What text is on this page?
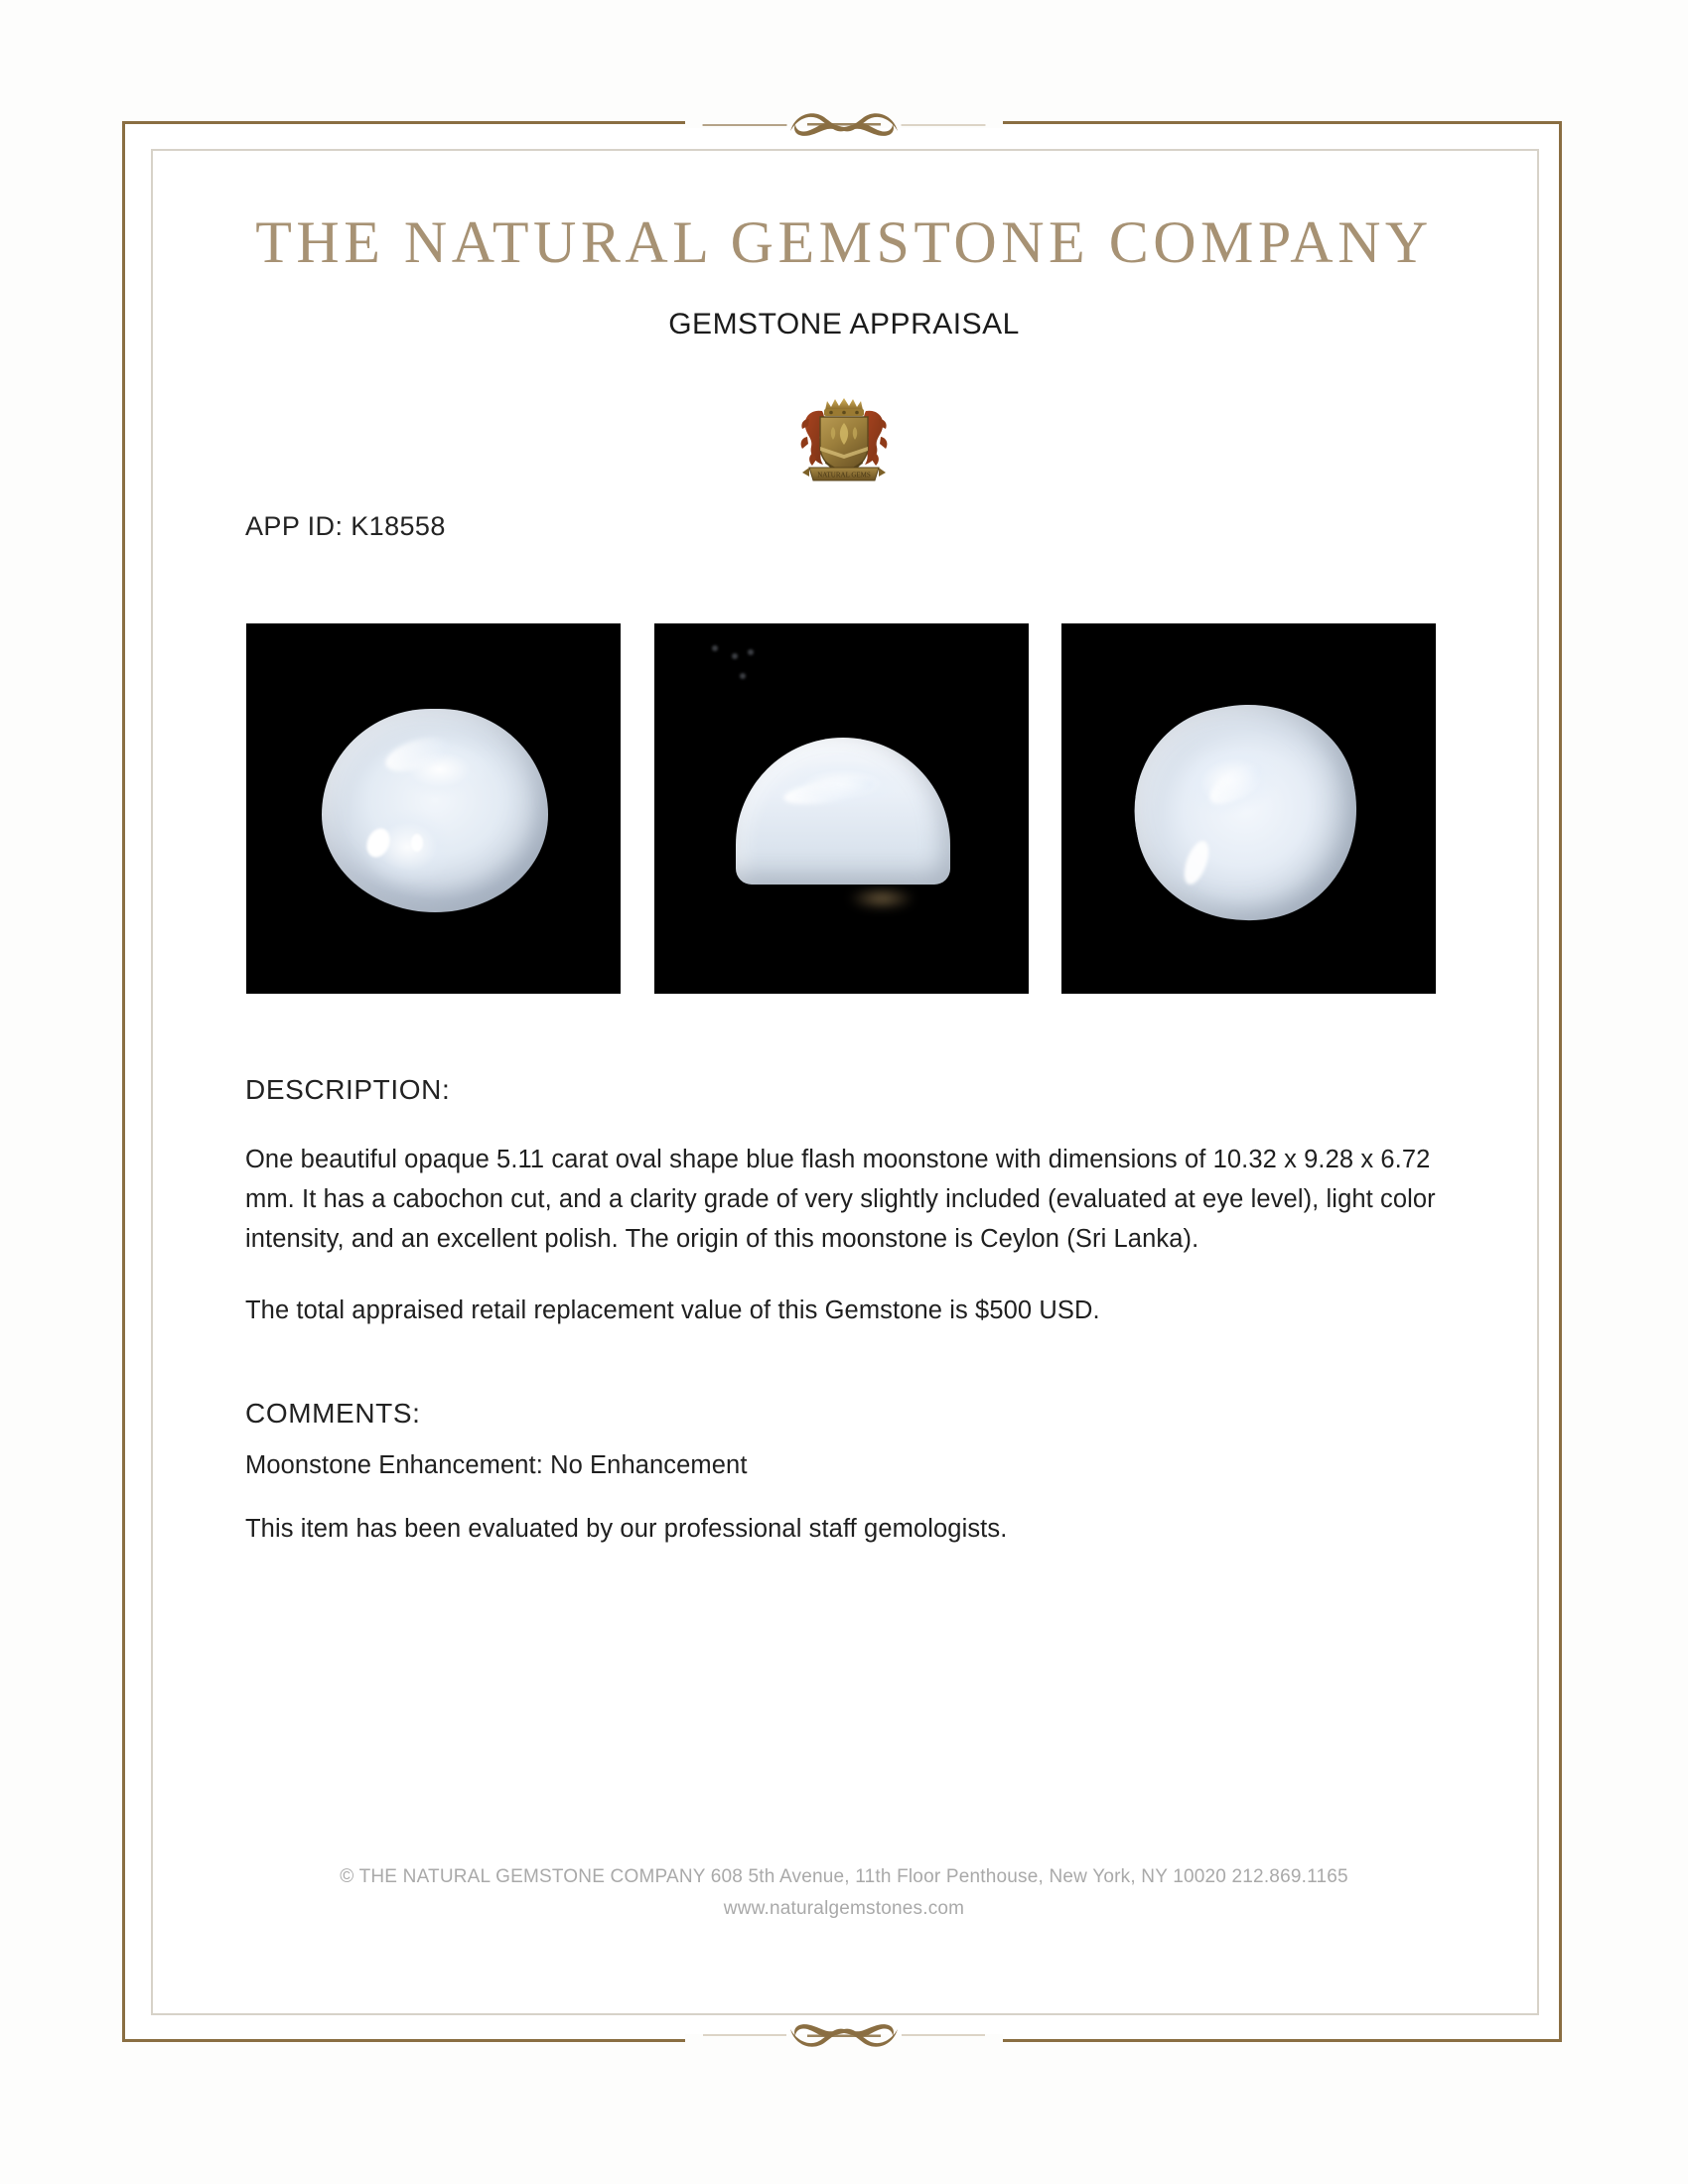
THE NATURAL GEMSTONE COMPANY
GEMSTONE APPRAISAL
NATURAL GEMS
APP ID: K18558
DESCRIPTION:
One beautiful opaque 5.11 carat oval shape blue flash moonstone with dimensions of 10.32 x 9.28 x 6.72 mm. It has a cabochon cut, and a clarity grade of very slightly included (evaluated at eye level), light color intensity, and an excellent polish. The origin of this moonstone is Ceylon (Sri Lanka).
The total appraised retail replacement value of this Gemstone is $500 USD.
COMMENTS:
Moonstone Enhancement: No Enhancement
This item has been evaluated by our professional staff gemologists.
© THE NATURAL GEMSTONE COMPANY 608 5th Avenue, 11th Floor Penthouse, New York, NY 10020 212.869.1165
www.naturalgemstones.com
